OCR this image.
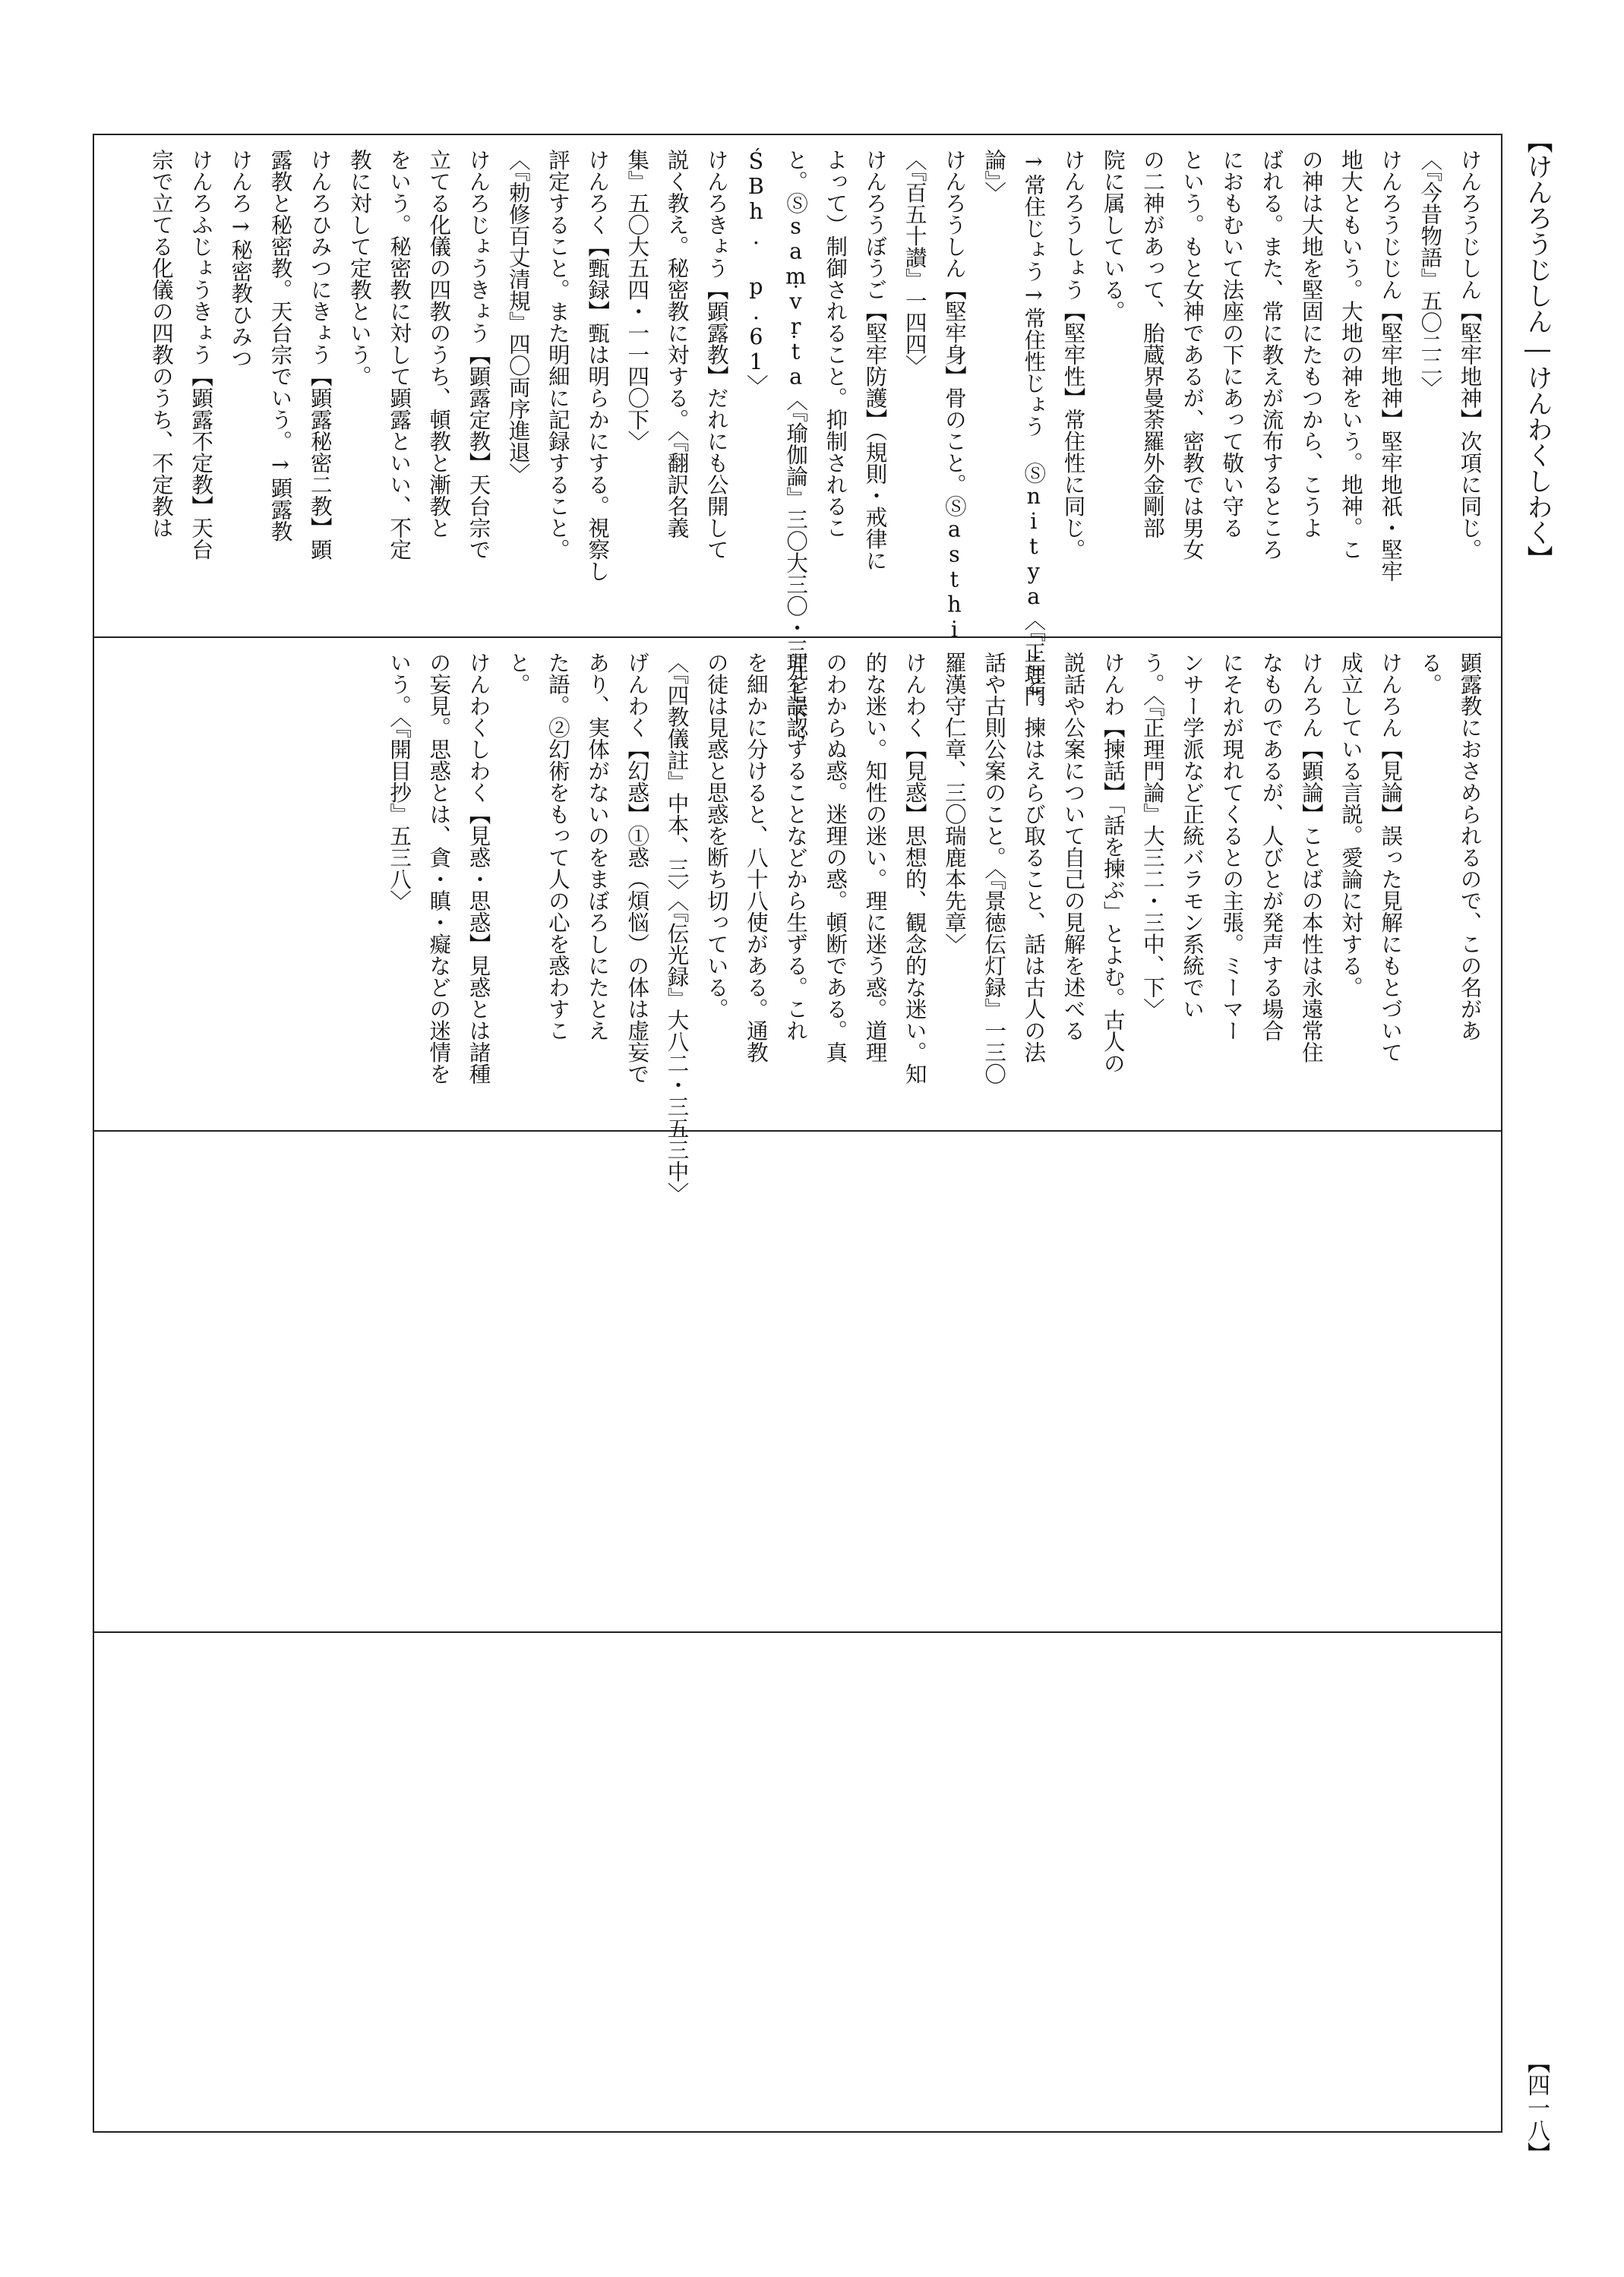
【けんろうじしん―けんわくしわく】
【四一八】
けんろうじしん【堅牢地神】次項に同じ。
〈『今昔物語』五〇二二〉
けんろうじじん【堅牢地神】堅牢地祇・堅牢
地大ともいう。大地の神をいう。地神。こ
の神は大地を堅固にたもつから、こうよ
ばれる。また、常に教えが流布するところ
におもむいて法座の下にあって敬い守る
という。もと女神であるが、密教では男女
の二神があって、胎蔵界曼荼羅外金剛部
院に属している。
けんろうしょう【堅牢性】常住性に同じ。
→常住じょう→常住性じょう Ⓢnitya〈『正理門
論』〉
けんろうしん【堅牢身】骨のこと。Ⓢasthi
〈『百五十讃』一四四〉
けんろうぼうご【堅牢防護】（規則・戒律に
よって）制御されること。抑制されるこ
と。Ⓢsaṃvṛta〈『瑜伽論』三〇大三〇・三九七下；
ŚBh. p.61〉
けんろきょう【顕露教】だれにも公開して
説く教え。秘密教に対する。〈『翻訳名義
集』五〇大五四・一一四〇下〉
けんろく【甄録】甄は明らかにする。視察し
評定すること。また明細に記録すること。
〈『勅修百丈清規』四〇両序進退〉
けんろじょうきょう【顕露定教】天台宗で
立てる化儀の四教のうち、頓教と漸教と
をいう。秘密教に対して顕露といい、不定
教に対して定教という。
けんろひみつにきょう【顕露秘密二教】顕
露教と秘密教。天台宗でいう。→顕露教
けんろ→秘密教ひみつ
けんろふじょうきょう【顕露不定教】天台
宗で立てる化儀の四教のうち、不定教は
顕露教におさめられるので、この名があ
る。
けんろん【見論】誤った見解にもとづいて
成立している言説。愛論に対する。
けんろん【顕論】ことばの本性は永遠常住
なものであるが、人びとが発声する場合
にそれが現れてくるとの主張。ミーマー
ンサー学派など正統バラモン系統でい
う。〈『正理門論』大三二・三中、下〉
けんわ【揀話】「話を揀ぶ」とよむ。古人の
説話や公案について自己の見解を述べる
こと。揀はえらび取ること、話は古人の法
話や古則公案のこと。〈『景徳伝灯録』一三〇
羅漢守仁章、三〇瑞鹿本先章〉
けんわく【見惑】思想的、観念的な迷い。知
的な迷い。知性の迷い。理に迷う惑。道理
のわからぬ惑。迷理の惑。頓断である。真
理を誤認することなどから生ずる。これ
を細かに分けると、八十八使がある。通教
の徒は見惑と思惑を断ち切っている。
〈『四教儀註』中本、三〉〈『伝光録』大八二・三五三中〉
げんわく【幻惑】①惑（煩悩）の体は虚妄で
あり、実体がないのをまぼろしにたとえ
た語。②幻術をもって人の心を惑わすこ
と。
けんわくしわく【見惑・思惑】見惑とは諸種
の妄見。思惑とは、貪・瞋・癡などの迷情を
いう。〈『開目抄』五三八〉
